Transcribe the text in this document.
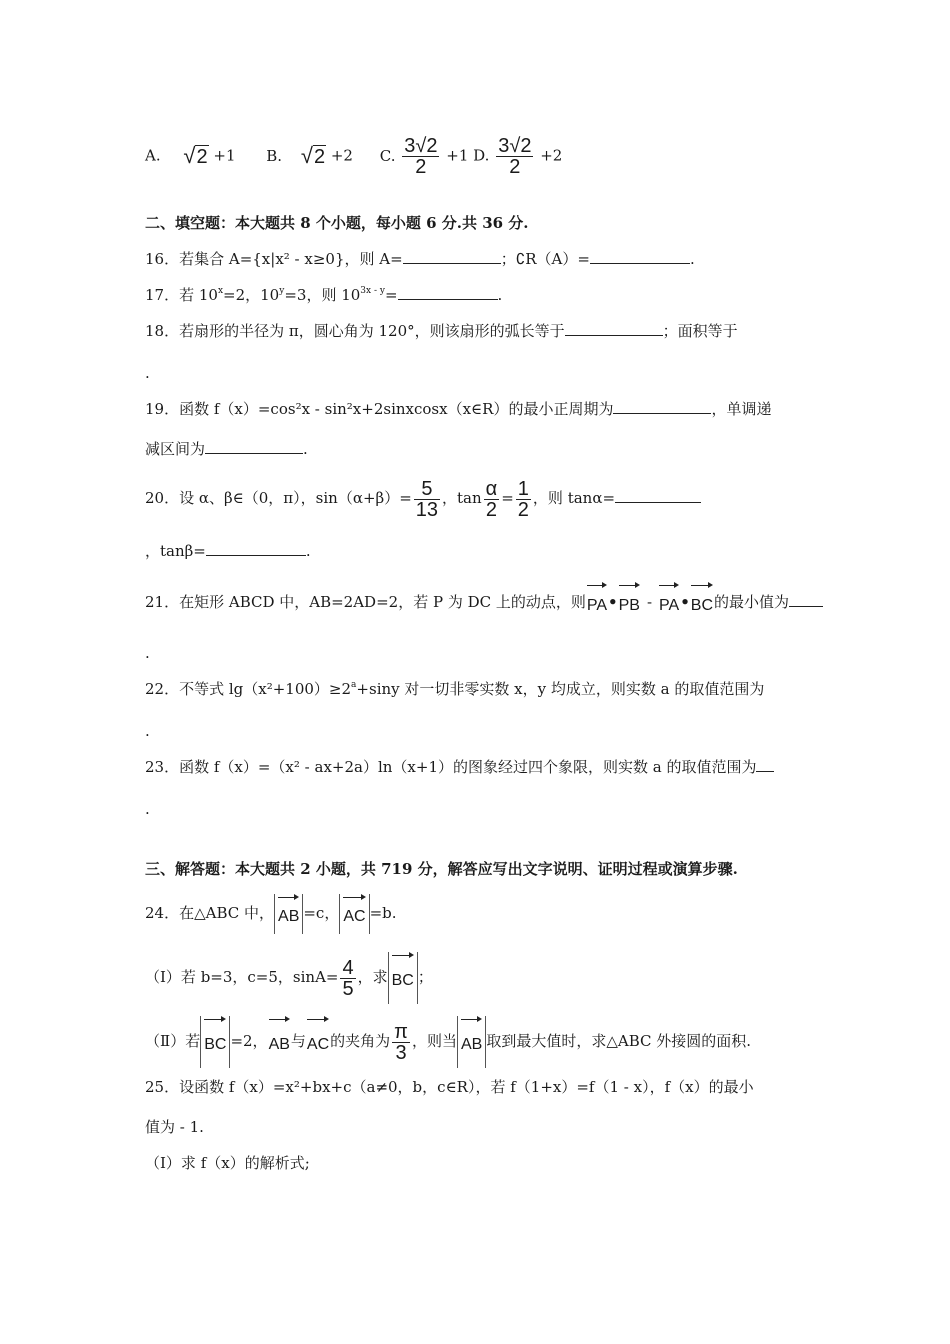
A. √2 +1 B. √2 +2 C. $\frac{3√2}{2} +1$ D. $\frac{3√2}{2} +2$
二、填空题：本大题共 8 个小题，每小题 6 分.共 36 分.
16．若集合 A={x|x² - x≥0}，则 A=	；∁R（A）=	.
17．若 $10^x=2$，$10^y=3$，则 $10^{3x - y}=$	.
18．若扇形的半径为 π，圆心角为 120°，则该扇形的弧长等于	；面积等于
.
19．函数 f（x）=cos²x - sin²x+2sinxcosx（x∈R）的最小正周期为	，单调递
减区间为	.
20．设 α、β∈（0，π），$\sin(\alpha+\beta)= \frac{5}{13}$ ，$\tan \frac{\alpha}{2} = \frac{1}{2}$ ，则 tanα=
，tanβ=	.
21．在矩形 ABCD 中，AB=2AD=2，若 P 为 DC 上的动点，则 PA • PB - PA • BC 的最小值为
.
22．不等式 $\lg(x^2+100)\ge 2^a+\sin y$ 对一切非零实数 x，y 均成立，则实数 a 的取值范围为
.
23．函数 f（x）=（x² - ax+2a）ln（x+1）的图象经过四个象限，则实数 a 的取值范围为
.
三、解答题：本大题共 2 小题，共 719 分，解答应写出文字说明、证明过程或演算步骤.
24．在△ABC 中， AB =c， AC =b.
（Ⅰ）若 b=3，c=5，$\sin A= \frac{4}{5}$ ，求 BC ；
（Ⅱ）若 BC =2， AB 与 AC 的夹角为 $\frac{\pi}{3}$ ，则当 AB 取到最大值时，求△ABC 外接圆的面积.
25．设函数 f（x）=x²+bx+c（a≠0，b，c∈R），若 f（1+x）=f（1 - x），f（x）的最小
值为 - 1.
（Ⅰ）求 f（x）的解析式;
